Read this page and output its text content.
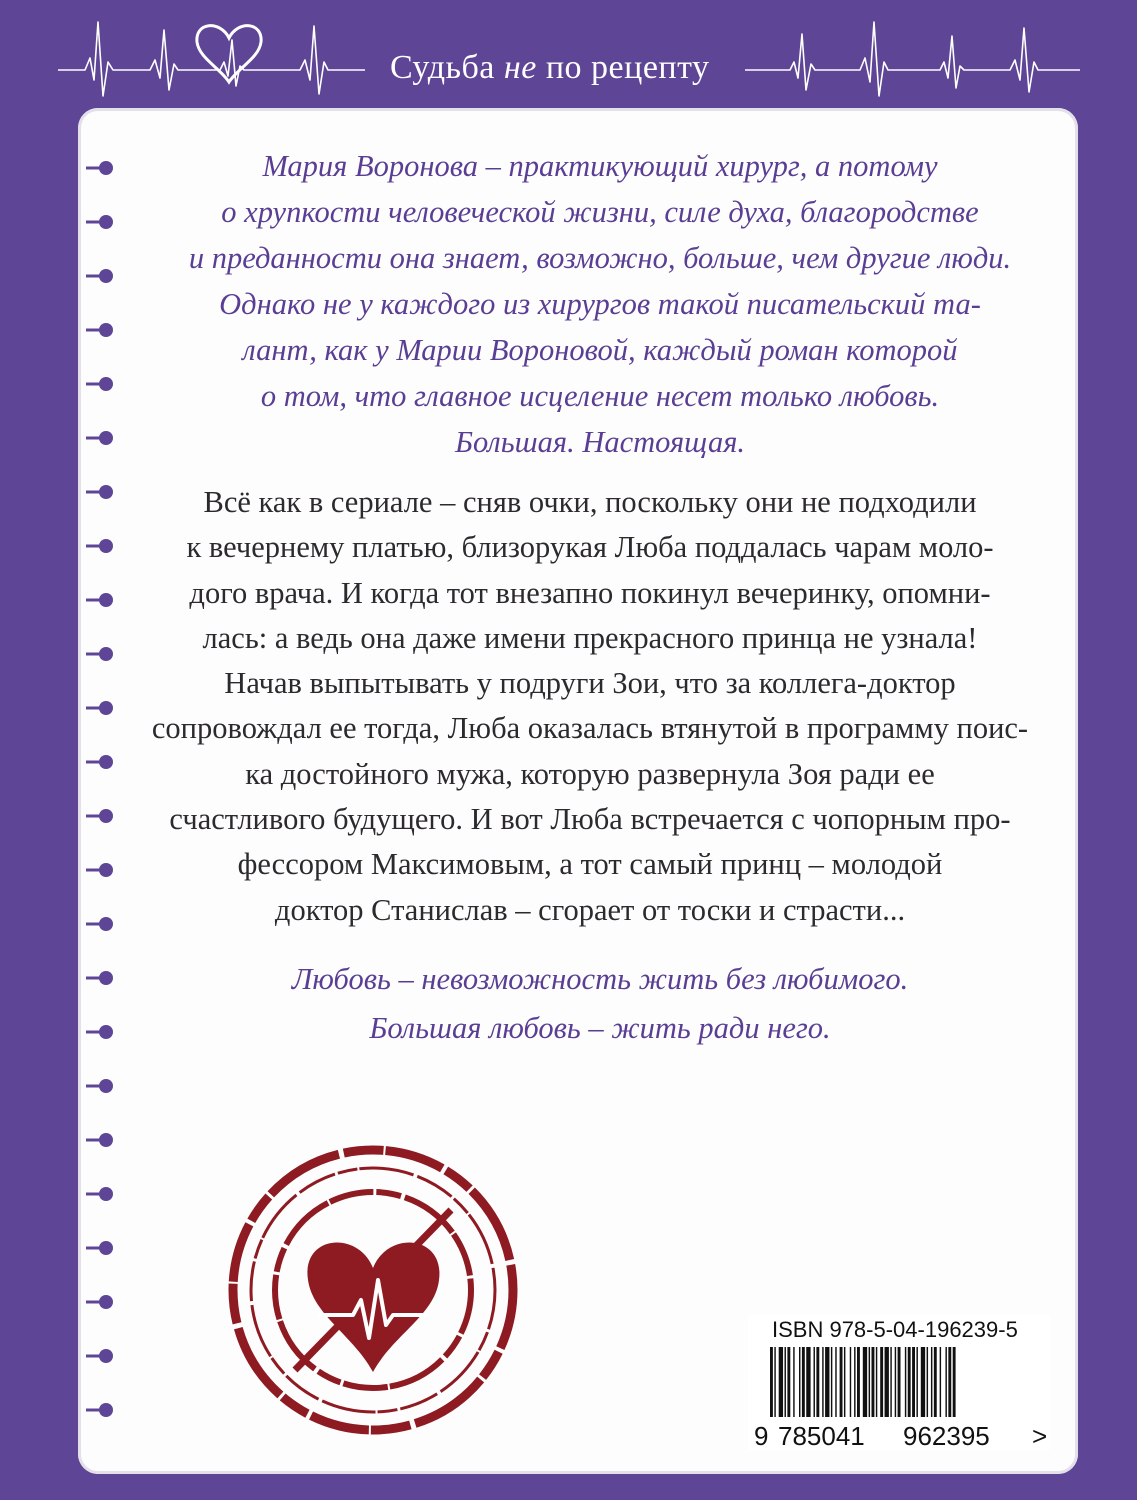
Судьба не по рецепту
Мария Воронова – практикующий хирург, а потому
о хрупкости человеческой жизни, силе духа, благородстве
и преданности она знает, возможно, больше, чем другие люди.
Однако не у каждого из хирургов такой писательский та-
лант, как у Марии Вороновой, каждый роман которой
о том, что главное исцеление несет только любовь.
Большая. Настоящая.
Всё как в сериале – сняв очки, поскольку они не подходили
к вечернему платью, близорукая Люба поддалась чарам моло-
дого врача. И когда тот внезапно покинул вечеринку, опомни-
лась: а ведь она даже имени прекрасного принца не узнала!
Начав выпытывать у подруги Зои, что за коллега-доктор
сопровождал ее тогда, Люба оказалась втянутой в программу поис-
ка достойного мужа, которую развернула Зоя ради ее
счастливого будущего. И вот Люба встречается с чопорным про-
фессором Максимовым, а тот самый принц – молодой
доктор Станислав – сгорает от тоски и страсти...
Любовь – невозможность жить без любимого.
Большая любовь – жить ради него.
ISBN 978-5-04-196239-5
9 785041 962395 >
